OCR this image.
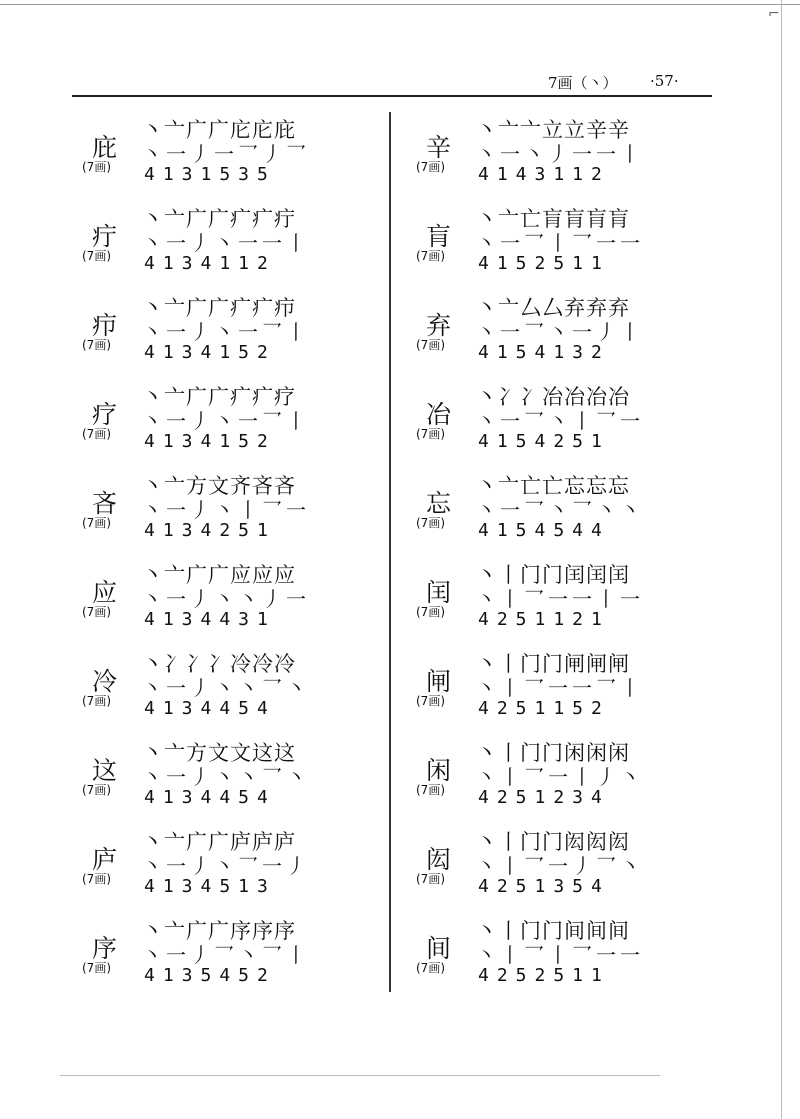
⌐
7画（丶） ·57·
庇
(7画)
丶亠广广庀庀庇
丶一丿一乛丿乛
4131535
疔
(7画)
丶亠广广疒疒疔
丶一丿丶一一丨
4134112
疖
(7画)
丶亠广广疒疒疖
丶一丿丶一乛丨
4134152
疗
(7画)
丶亠广广疒疒疗
丶一丿丶一乛丨
4134152
吝
(7画)
丶亠方文齐吝吝
丶一丿丶丨乛一
4134251
应
(7画)
丶亠广广应应应
丶一丿丶丶丿一
4134431
冷
(7画)
丶冫冫冫冷冷冷
丶一丿丶丶乛丶
4134454
这
(7画)
丶亠方文文这这
丶一丿丶丶乛丶
4134454
庐
(7画)
丶亠广广庐庐庐
丶一丿丶乛一丿
4134513
序
(7画)
丶亠广广序序序
丶一丿乛丶乛丨
4135452
辛
(7画)
丶亠亠立立辛辛
丶一丶丿一一丨
4143112
肓
(7画)
丶亠亡肓肓肓肓
丶一乛丨乛一一
4152511
弃
(7画)
丶亠厶厶弃弃弃
丶一乛丶一丿丨
4154132
冶
(7画)
丶冫冫冶冶冶冶
丶一乛丶丨乛一
4154251
忘
(7画)
丶亠亡亡忘忘忘
丶一乛丶乛丶丶
4154544
闰
(7画)
丶丨门门闰闰闰
丶丨乛一一丨一
4251121
闸
(7画)
丶丨门门闸闸闸
丶丨乛一一乛丨
4251152
闲
(7画)
丶丨门门闲闲闲
丶丨乛一丨丿丶
4251234
闳
(7画)
丶丨门门闳闳闳
丶丨乛一丿乛丶
4251354
间
(7画)
丶丨门门间间间
丶丨乛丨乛一一
4252511
